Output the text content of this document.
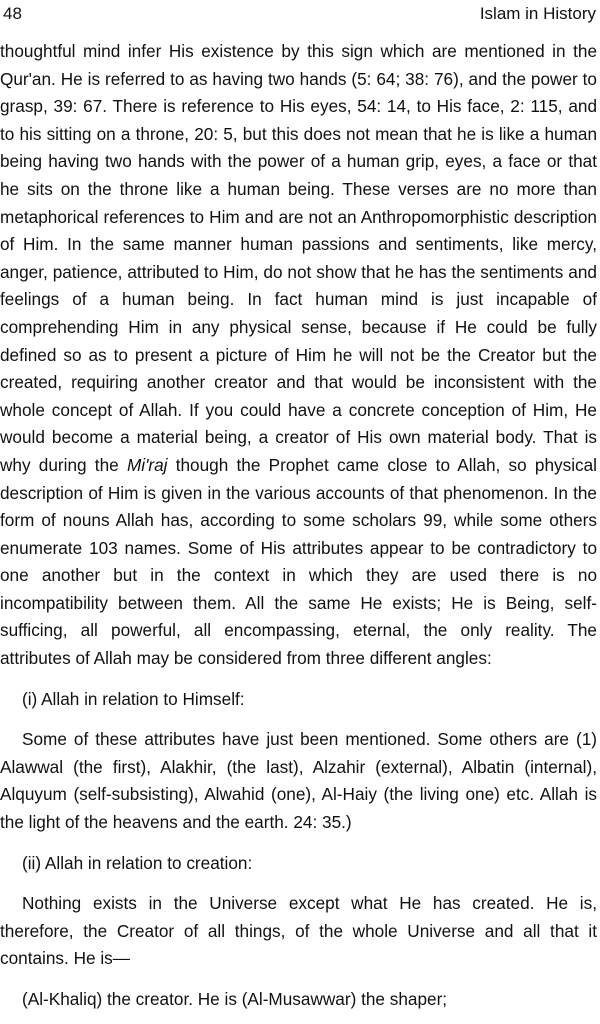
48	Islam in History

thoughtful mind infer His existence by this sign which are mentioned in the Qur'an. He is referred to as having two hands (5: 64; 38: 76), and the power to grasp, 39: 67. There is reference to His eyes, 54: 14, to His face, 2: 115, and to his sitting on a throne, 20: 5, but this does not mean that he is like a human being having two hands with the power of a human grip, eyes, a face or that he sits on the throne like a human being. These verses are no more than metaphorical references to Him and are not an Anthropomorphistic description of Him. In the same manner human passions and sentiments, like mercy, anger, patience, attributed to Him, do not show that he has the sentiments and feelings of a human being. In fact human mind is just incapable of comprehending Him in any physical sense, because if He could be fully defined so as to present a picture of Him he will not be the Creator but the created, requiring another creator and that would be inconsistent with the whole concept of Allah. If you could have a concrete conception of Him, He would become a material being, a creator of His own material body. That is why during the Mi'raj though the Prophet came close to Allah, so physical description of Him is given in the various accounts of that phenomenon. In the form of nouns Allah has, according to some scholars 99, while some others enumerate 103 names. Some of His attributes appear to be contradictory to one another but in the context in which they are used there is no incompatibility between them. All the same He exists; He is Being, self-sufficing, all powerful, all encompassing, eternal, the only reality. The attributes of Allah may be considered from three different angles:

(i) Allah in relation to Himself:

Some of these attributes have just been mentioned. Some others are (1) Alawwal (the first), Alakhir, (the last), Alzahir (external), Albatin (internal), Alquyum (self-subsisting), Alwahid (one), Al-Haiy (the living one) etc. Allah is the light of the heavens and the earth. 24: 35.)

(ii) Allah in relation to creation:

Nothing exists in the Universe except what He has created. He is, therefore, the Creator of all things, of the whole Universe and all that it contains. He is—

(Al-Khaliq) the creator. He is (Al-Musawwar) the shaper;
